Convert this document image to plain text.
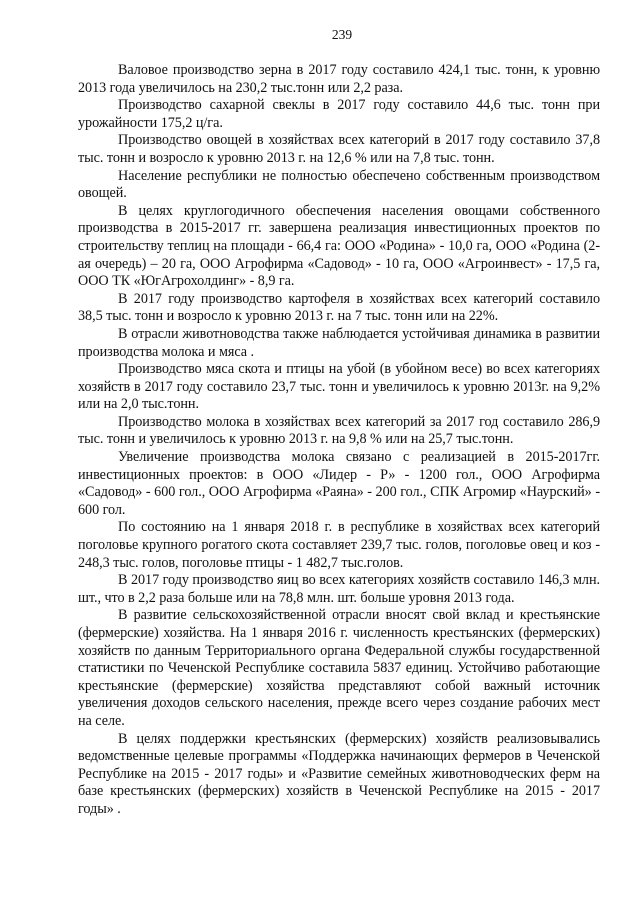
239

Валовое производство зерна в 2017 году составило 424,1 тыс. тонн, к уровню 2013 года увеличилось на 230,2 тыс.тонн или 2,2 раза.

Производство сахарной свеклы в 2017 году составило 44,6 тыс. тонн при урожайности 175,2 ц/га.

Производство овощей в хозяйствах всех категорий в 2017 году составило 37,8 тыс. тонн и возросло к уровню 2013 г. на 12,6 % или на 7,8 тыс. тонн.

Население республики не полностью обеспечено собственным производством овощей.

В целях круглогодичного обеспечения населения овощами собственного производства в 2015-2017 гг. завершена реализация инвестиционных проектов по строительству теплиц на площади - 66,4 га: ООО «Родина» - 10,0 га, ООО «Родина (2-ая очередь) – 20 га, ООО Агрофирма «Садовод» - 10 га, ООО «Агроинвест» - 17,5 га, ООО ТК «ЮгАгрохолдинг» - 8,9 га.

В 2017 году производство картофеля в хозяйствах всех категорий составило 38,5 тыс. тонн и возросло к уровню 2013 г. на 7 тыс. тонн или на 22%.

В отрасли животноводства также наблюдается устойчивая динамика в развитии производства молока и мяса .

Производство мяса скота и птицы на убой (в убойном весе) во всех категориях хозяйств в 2017 году составило 23,7 тыс. тонн и увеличилось к уровню 2013г. на 9,2% или на 2,0 тыс.тонн.

Производство молока в хозяйствах всех категорий за 2017 год составило 286,9 тыс. тонн и увеличилось к уровню 2013 г. на 9,8 % или на 25,7 тыс.тонн.

Увеличение производства молока связано с реализацией в 2015-2017гг. инвестиционных проектов: в ООО «Лидер - Р» - 1200 гол., ООО Агрофирма «Садовод» - 600 гол., ООО Агрофирма «Раяна» - 200 гол., СПК Агромир «Наурский» - 600 гол.

По состоянию на 1 января 2018 г. в республике в хозяйствах всех категорий поголовье крупного рогатого скота составляет 239,7 тыс. голов, поголовье овец и коз - 248,3 тыс. голов, поголовье птицы - 1 482,7 тыс.голов.

В 2017 году производство яиц во всех категориях хозяйств составило 146,3 млн. шт., что в 2,2 раза больше или на 78,8 млн. шт. больше уровня 2013 года.

В развитие сельскохозяйственной отрасли вносят свой вклад и крестьянские (фермерские) хозяйства. На 1 января 2016 г. численность крестьянских (фермерских) хозяйств по данным Территориального органа Федеральной службы государственной статистики по Чеченской Республике составила 5837 единиц. Устойчиво работающие крестьянские (фермерские) хозяйства представляют собой важный источник увеличения доходов сельского населения, прежде всего через создание рабочих мест на селе.

В целях поддержки крестьянских (фермерских) хозяйств реализовывались ведомственные целевые программы «Поддержка начинающих фермеров в Чеченской Республике на 2015 - 2017 годы» и «Развитие семейных животноводческих ферм на базе крестьянских (фермерских) хозяйств в Чеченской Республике на 2015 - 2017 годы» .
